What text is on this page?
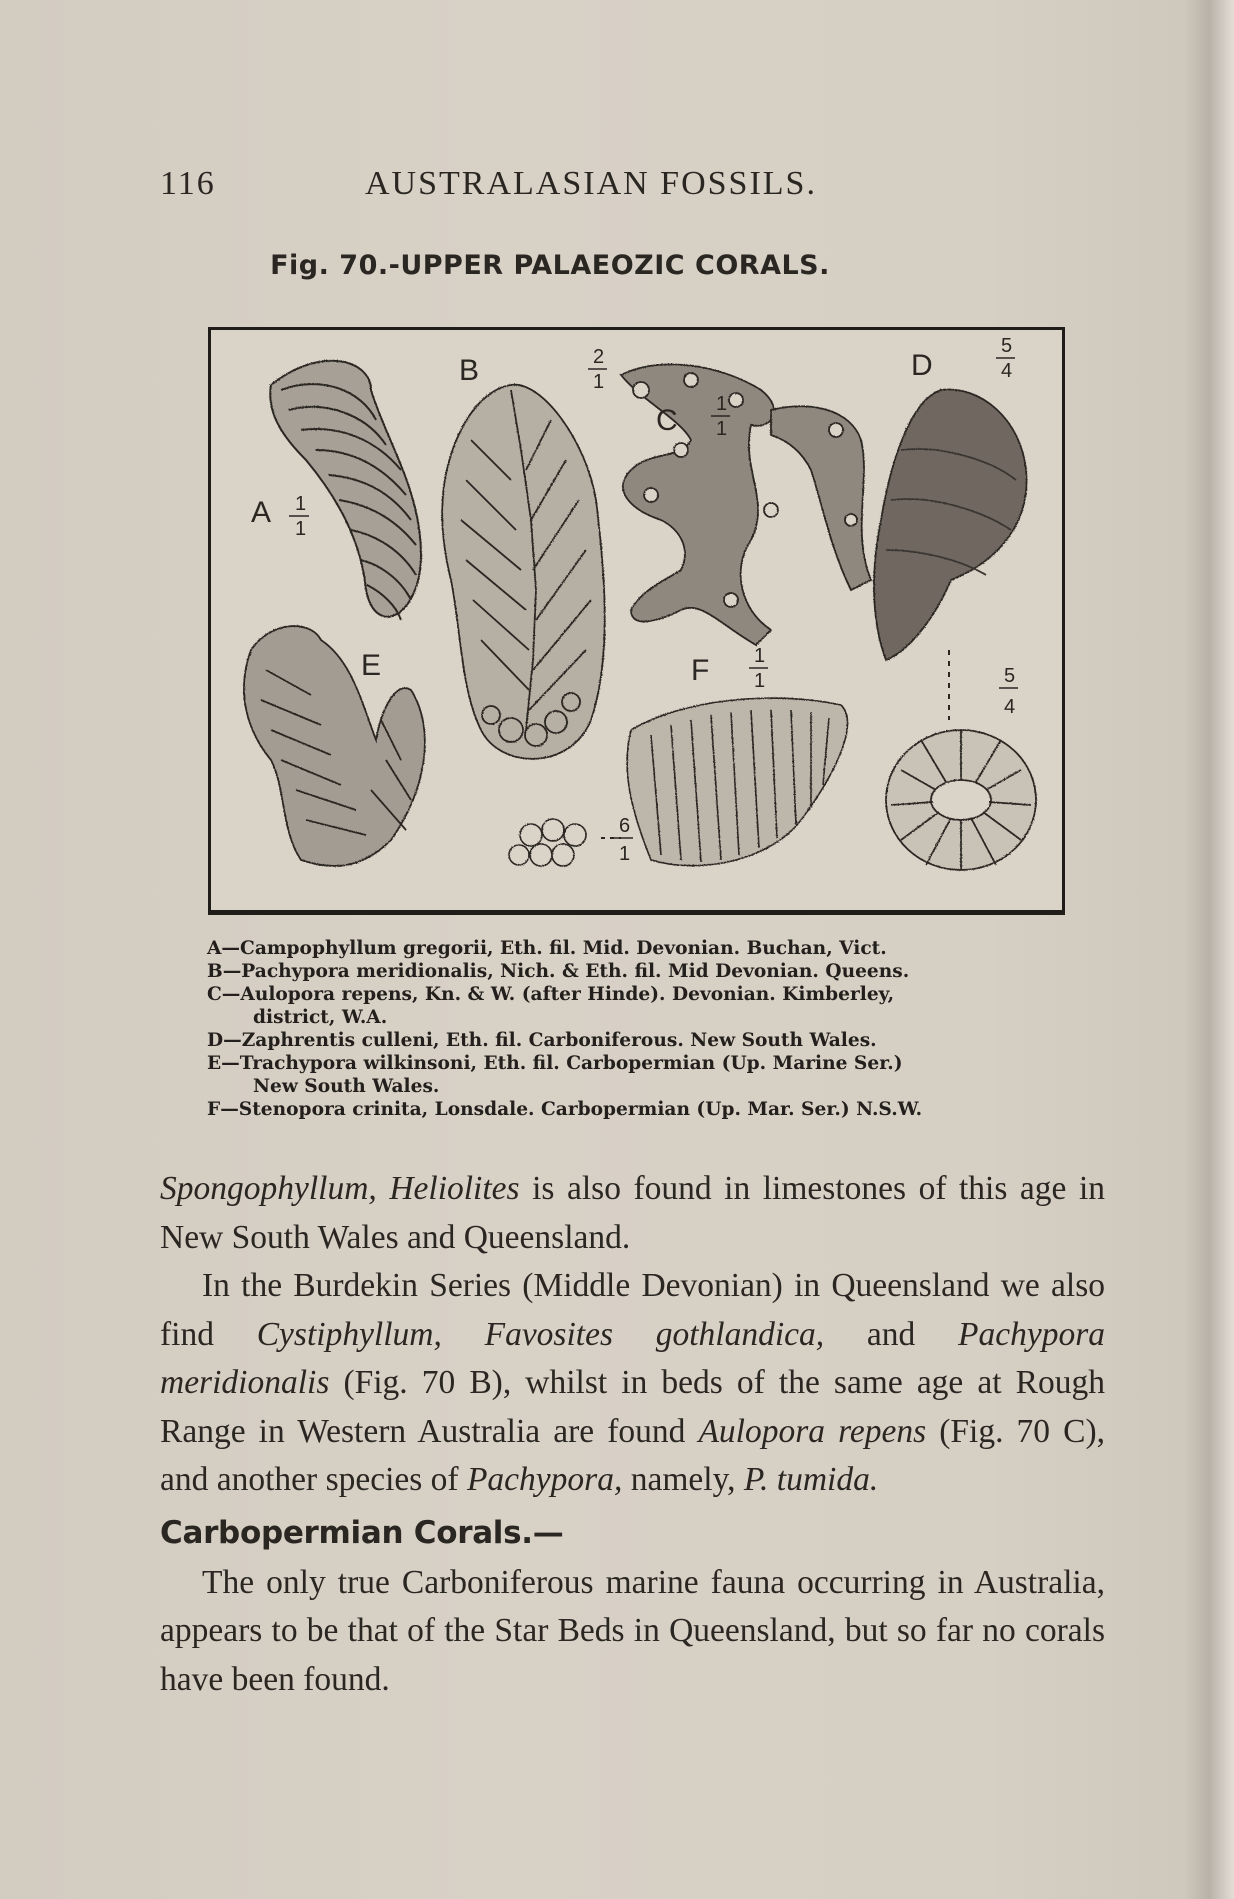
116	AUSTRALASIAN FOSSILS.
Fig. 70.-UPPER PALAEOZIC CORALS.
A 1
1
B	2
1
C 1
1
D
5
4
5
4
E	F 1
1
6
1
A—Campophyllum gregorii, Eth. fil. Mid. Devonian. Buchan, Vict.
B—Pachypora meridionalis, Nich. & Eth. fil. Mid Devonian. Queens.
C—Aulopora repens, Kn. & W. (after Hinde). Devonian. Kimberley,
district, W.A.
D—Zaphrentis culleni, Eth. fil. Carboniferous. New South Wales.
E—Trachypora wilkinsoni, Eth. fil. Carbopermian (Up. Marine Ser.)
New South Wales.
F—Stenopora crinita, Lonsdale. Carbopermian (Up. Mar. Ser.) N.S.W.

Spongophyllum, Heliolites is also found in limestones of this age in New South Wales and Queensland.

In the Burdekin Series (Middle Devonian) in Queensland we also find Cystiphyllum, Favosites gothlandica, and Pachypora meridionalis (Fig. 70 B), whilst in beds of the same age at Rough Range in Western Australia are found Aulopora repens (Fig. 70 C), and another species of Pachypora, namely, P. tumida.

Carbopermian Corals.—

The only true Carboniferous marine fauna occurring in Australia, appears to be that of the Star Beds in Queensland, but so far no corals have been found.
